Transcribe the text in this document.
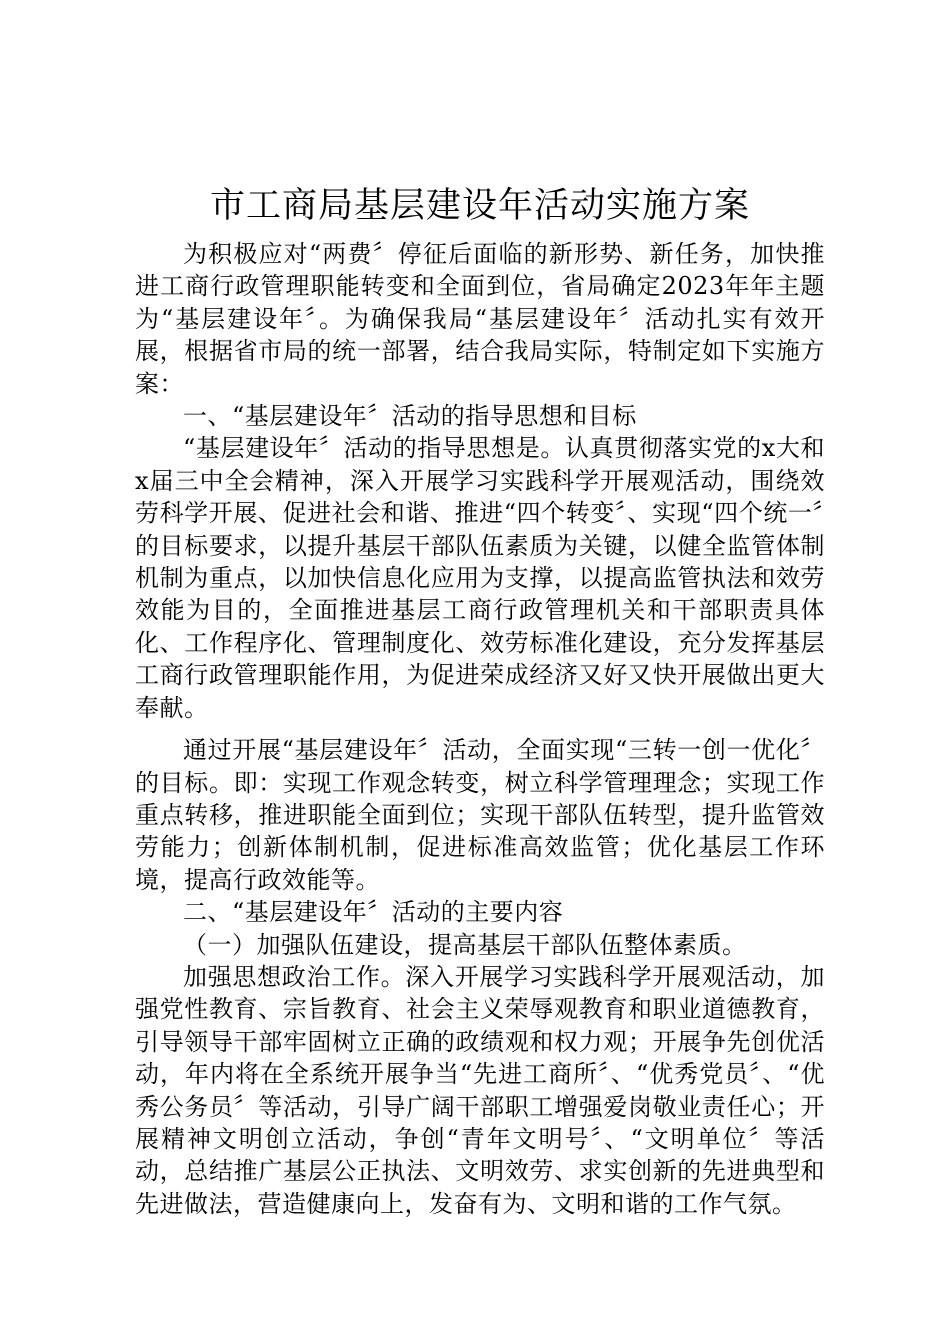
市工商局基层建设年活动实施方案

为积极应对“两费〞停征后面临的新形势、新任务，加快推进工商行政管理职能转变和全面到位，省局确定2023年年主题为“基层建设年〞。为确保我局“基层建设年〞活动扎实有效开展，根据省市局的统一部署，结合我局实际，特制定如下实施方案：

一、“基层建设年〞活动的指导思想和目标

“基层建设年〞活动的指导思想是。认真贯彻落实党的x大和x届三中全会精神，深入开展学习实践科学开展观活动，围绕效劳科学开展、促进社会和谐、推进“四个转变〞、实现“四个统一〞的目标要求，以提升基层干部队伍素质为关键，以健全监管体制机制为重点，以加快信息化应用为支撑，以提高监管执法和效劳效能为目的，全面推进基层工商行政管理机关和干部职责具体化、工作程序化、管理制度化、效劳标准化建设，充分发挥基层工商行政管理职能作用，为促进荣成经济又好又快开展做出更大奉献。

通过开展“基层建设年〞活动，全面实现“三转一创一优化〞的目标。即：实现工作观念转变，树立科学管理理念；实现工作重点转移，推进职能全面到位；实现干部队伍转型，提升监管效劳能力；创新体制机制，促进标准高效监管；优化基层工作环境，提高行政效能等。

二、“基层建设年〞活动的主要内容

（一）加强队伍建设，提高基层干部队伍整体素质。

加强思想政治工作。深入开展学习实践科学开展观活动，加强党性教育、宗旨教育、社会主义荣辱观教育和职业道德教育，引导领导干部牢固树立正确的政绩观和权力观；开展争先创优活动，年内将在全系统开展争当“先进工商所〞、“优秀党员〞、“优秀公务员〞等活动，引导广阔干部职工增强爱岗敬业责任心；开展精神文明创立活动，争创“青年文明号〞、“文明单位〞等活动，总结推广基层公正执法、文明效劳、求实创新的先进典型和先进做法，营造健康向上，发奋有为、文明和谐的工作气氛。
